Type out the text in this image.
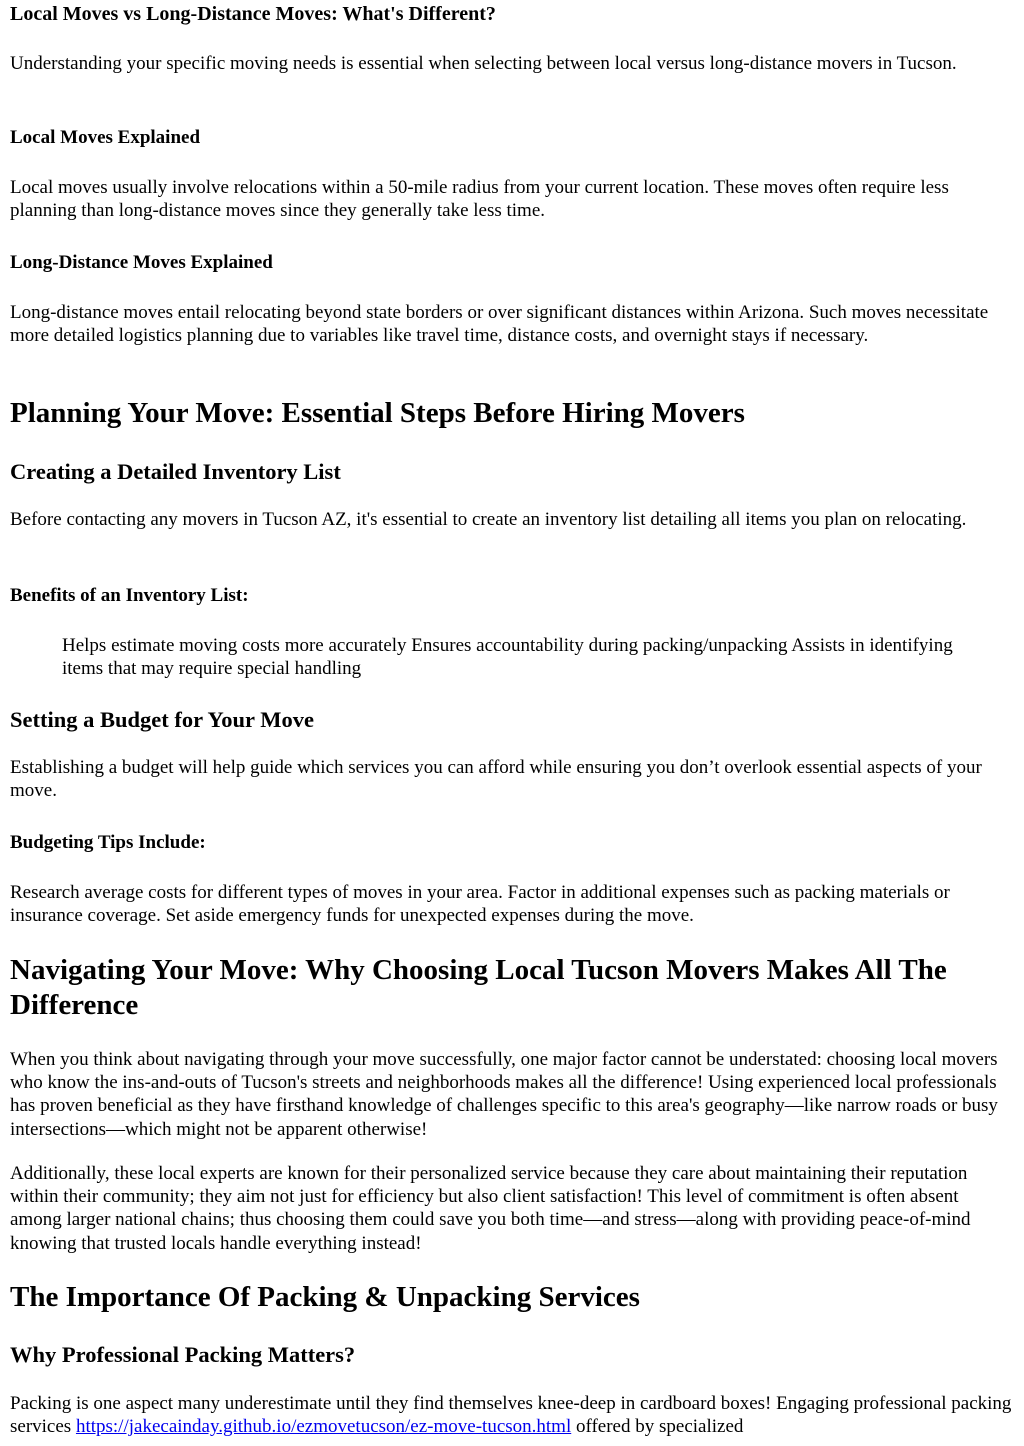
Local Moves vs Long-Distance Moves: What's Different?

Understanding your specific moving needs is essential when selecting between local versus long-distance movers in Tucson.

Local Moves Explained

Local moves usually involve relocations within a 50-mile radius from your current location. These moves often require less planning than long-distance moves since they generally take less time.

Long-Distance Moves Explained

Long-distance moves entail relocating beyond state borders or over significant distances within Arizona. Such moves necessitate more detailed logistics planning due to variables like travel time, distance costs, and overnight stays if necessary.

Planning Your Move: Essential Steps Before Hiring Movers
Creating a Detailed Inventory List

Before contacting any movers in Tucson AZ, it's essential to create an inventory list detailing all items you plan on relocating.

Benefits of an Inventory List:
Helps estimate moving costs more accurately Ensures accountability during packing/unpacking Assists in identifying items that may require special handling
Setting a Budget for Your Move

Establishing a budget will help guide which services you can afford while ensuring you don’t overlook essential aspects of your move.

Budgeting Tips Include:

Research average costs for different types of moves in your area. Factor in additional expenses such as packing materials or insurance coverage. Set aside emergency funds for unexpected expenses during the move.

Navigating Your Move: Why Choosing Local Tucson Movers Makes All The Difference

When you think about navigating through your move successfully, one major factor cannot be understated: choosing local movers who know the ins-and-outs of Tucson's streets and neighborhoods makes all the difference! Using experienced local professionals has proven beneficial as they have firsthand knowledge of challenges specific to this area's geography—like narrow roads or busy intersections—which might not be apparent otherwise!

Additionally, these local experts are known for their personalized service because they care about maintaining their reputation within their community; they aim not just for efficiency but also client satisfaction! This level of commitment is often absent among larger national chains; thus choosing them could save you both time—and stress—along with providing peace-of-mind knowing that trusted locals handle everything instead!

The Importance Of Packing & Unpacking Services
Why Professional Packing Matters?

Packing is one aspect many underestimate until they find themselves knee-deep in cardboard boxes! Engaging professional packing services https://jakecainday.github.io/ezmovetucson/ez-move-tucson.html offered by specialized
